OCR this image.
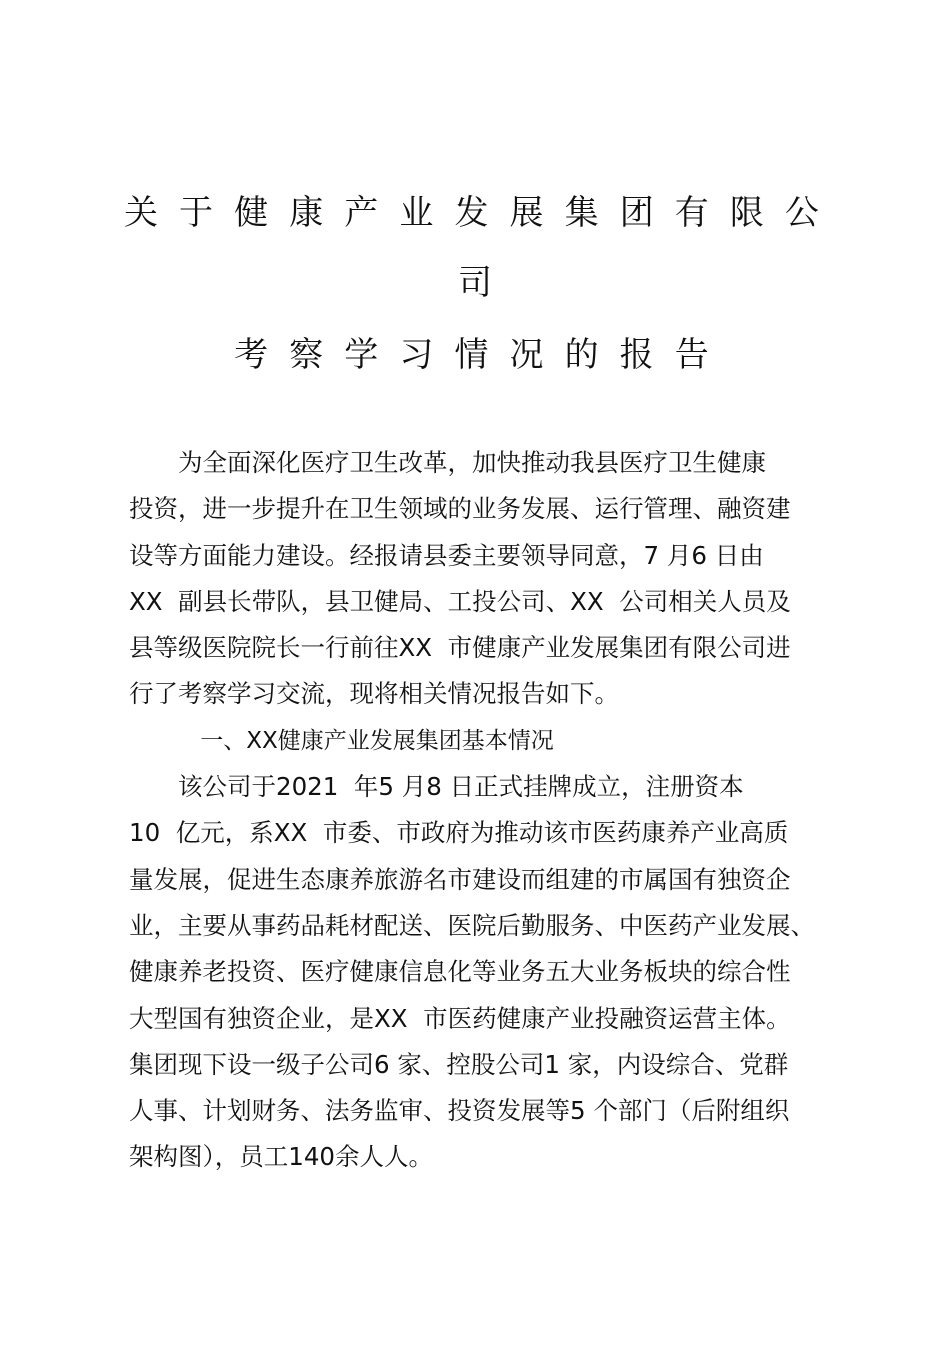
关于健康产业发展集团有限公
司
考察学习情况的报告
为全面深化医疗卫生改革，加快推动我县医疗卫生健康
投资，进一步提升在卫生领域的业务发展、运行管理、融资建
设等方面能力建设。经报请县委主要领导同意，7 月6 日由
XX  副县长带队，县卫健局、工投公司、XX  公司相关人员及
县等级医院院长一行前往XX  市健康产业发展集团有限公司进
行了考察学习交流，现将相关情况报告如下。
一、XX健康产业发展集团基本情况
该公司于2021  年5 月8 日正式挂牌成立，注册资本
10  亿元，系XX  市委、市政府为推动该市医药康养产业高质
量发展，促进生态康养旅游名市建设而组建的市属国有独资企
业，主要从事药品耗材配送、医院后勤服务、中医药产业发展、
健康养老投资、医疗健康信息化等业务五大业务板块的综合性
大型国有独资企业，是XX  市医药健康产业投融资运营主体。
集团现下设一级子公司6 家、控股公司1 家，内设综合、党群
人事、计划财务、法务监审、投资发展等5 个部门（后附组织
架构图），员工140余人人。
